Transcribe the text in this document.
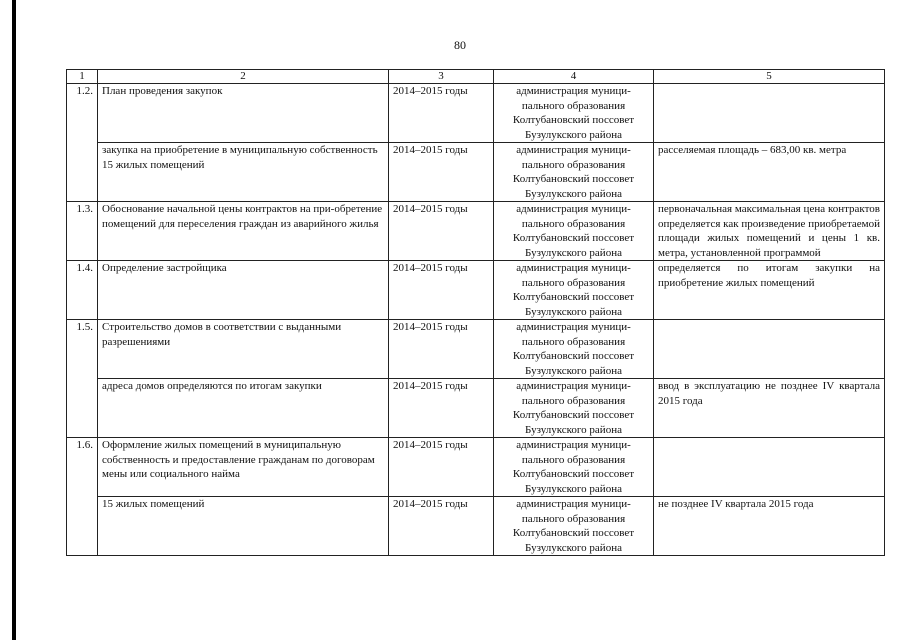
80
1	2	3	4	5
1.2.	План проведения закупок	2014–2015 годы	администрация муници-
пального образования
Колтубановский поссовет
Бузулукского района	
	закупка на приобретение в муниципальную собственность 15 жилых помещений	2014–2015 годы	администрация муници-
пального образования
Колтубановский поссовет
Бузулукского района	расселяемая площадь – 683,00 кв. метра
1.3.	Обоснование начальной цены контрактов на при-обретение помещений для переселения граждан из аварийного жилья	2014–2015 годы	администрация муници-
пального образования
Колтубановский поссовет
Бузулукского района	первоначальная максимальная цена контрактов определяется как произведение приобретаемой площади жилых помещений и цены 1 кв. метра, установленной программой
1.4.	Определение застройщика	2014–2015 годы	администрация муници-
пального образования
Колтубановский поссовет
Бузулукского района	определяется по итогам закупки на приобретение жилых помещений
1.5.	Строительство домов в соответствии с выданными разрешениями	2014–2015 годы	администрация муници-
пального образования
Колтубановский поссовет
Бузулукского района	
	адреса домов определяются по итогам закупки	2014–2015 годы	администрация муници-
пального образования
Колтубановский поссовет
Бузулукского района	ввод в эксплуатацию не позднее IV квартала 2015 года
1.6.	Оформление жилых помещений в муниципальную собственность и предоставление гражданам по договорам мены или социального найма	2014–2015 годы	администрация муници-
пального образования
Колтубановский поссовет
Бузулукского района	
	15 жилых помещений	2014–2015 годы	администрация муници-
пального образования
Колтубановский поссовет
Бузулукского района	не позднее IV квартала 2015 года
